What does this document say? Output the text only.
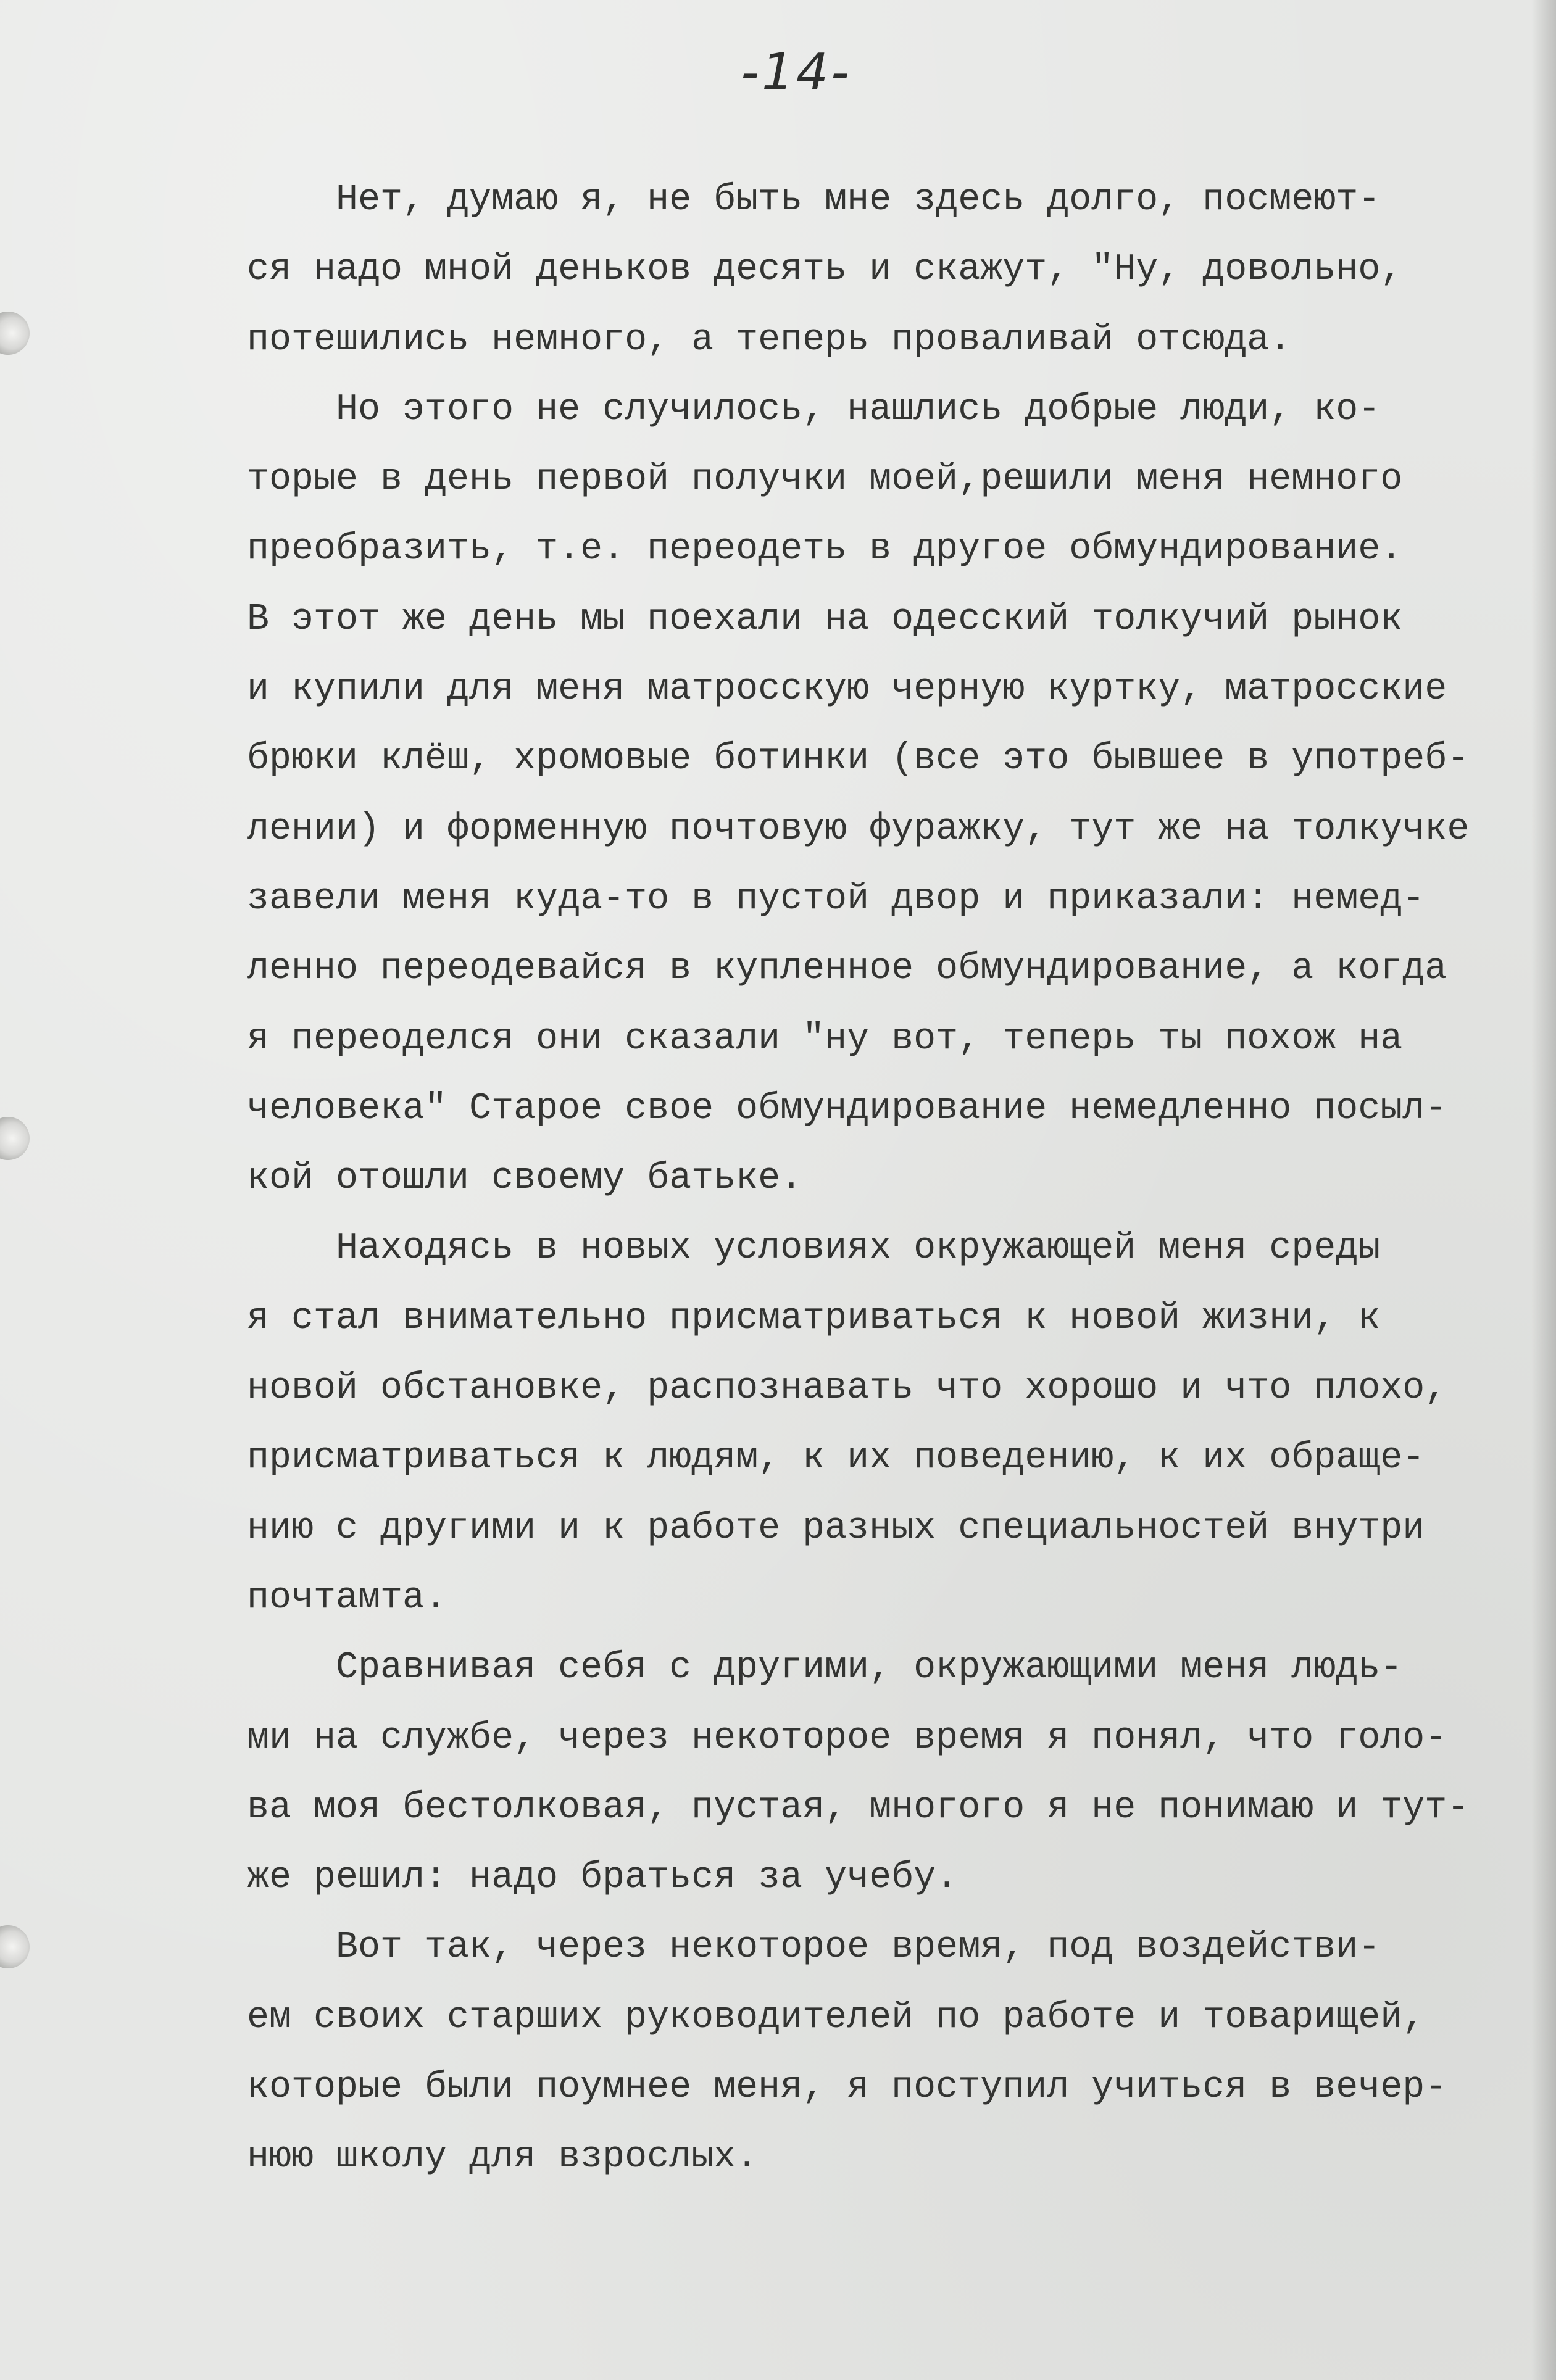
-14-
Нет, думаю я, не быть мне здесь долго, посмеют-
ся надо мной деньков десять и скажут, "Ну, довольно,
потешились немного, а теперь проваливай отсюда.
Но этого не случилось, нашлись добрые люди, ко-
торые в день первой получки моей,решили меня немного
преобразить, т.е. переодеть в другое обмундирование.
В этот же день мы поехали на одесский толкучий рынок
и купили для меня матросскую черную куртку, матросские
брюки клёш, хромовые ботинки (все это бывшее в употреб-
лении) и форменную почтовую фуражку, тут же на толкучке
завели меня куда-то в пустой двор и приказали: немед-
ленно переодевайся в купленное обмундирование, а когда
я переоделся они сказали "ну вот, теперь ты похож на
человека" Старое свое обмундирование немедленно посыл-
кой отошли своему батьке.
Находясь в новых условиях окружающей меня среды
я стал внимательно присматриваться к новой жизни, к
новой обстановке, распознавать что хорошо и что плохо,
присматриваться к людям, к их поведению, к их обраще-
нию с другими и к работе разных специальностей внутри
почтамта.
Сравнивая себя с другими, окружающими меня людь-
ми на службе, через некоторое время я понял, что голо-
ва моя бестолковая, пустая, многого я не понимаю и тут-
же решил: надо браться за учебу.
Вот так, через некоторое время, под воздействи-
ем своих старших руководителей по работе и товарищей,
которые были поумнее меня, я поступил учиться в вечер-
нюю школу для взрослых.
